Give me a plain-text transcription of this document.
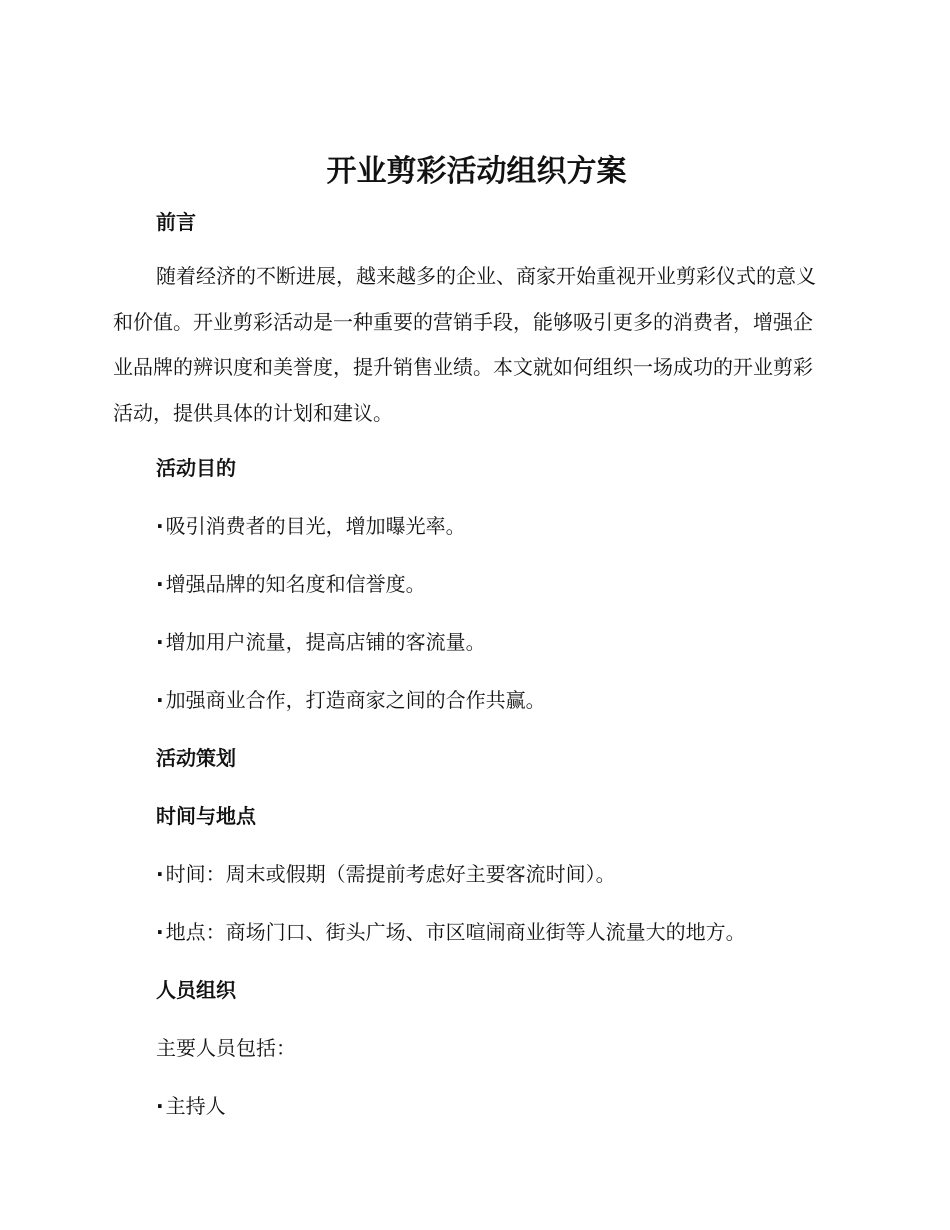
开业剪彩活动组织方案
前言

随着经济的不断进展，越来越多的企业、商家开始重视开业剪彩仪式的意义和价值。开业剪彩活动是一种重要的营销手段，能够吸引更多的消费者，增强企业品牌的辨识度和美誉度，提升销售业绩。本文就如何组织一场成功的开业剪彩活动，提供具体的计划和建议。

活动目的

· 吸引消费者的目光，增加曝光率。

· 增强品牌的知名度和信誉度。

· 增加用户流量，提高店铺的客流量。

· 加强商业合作，打造商家之间的合作共赢。

活动策划
时间与地点

· 时间：周末或假期（需提前考虑好主要客流时间）。

· 地点：商场门口、街头广场、市区喧闹商业街等人流量大的地方。

人员组织

主要人员包括：

· 主持人
